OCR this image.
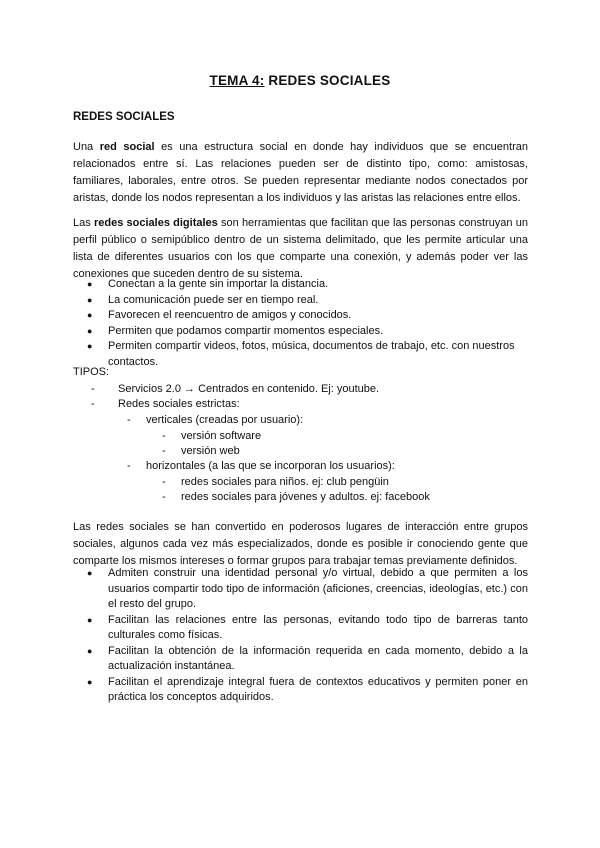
TEMA 4: REDES SOCIALES
REDES SOCIALES

Una red social es una estructura social en donde hay individuos que se encuentran relacionados entre sí. Las relaciones pueden ser de distinto tipo, como: amistosas, familiares, laborales, entre otros. Se pueden representar mediante nodos conectados por aristas, donde los nodos representan a los individuos y las aristas las relaciones entre ellos.

Las redes sociales digitales son herramientas que facilitan que las personas construyan un perfil público o semipúblico dentro de un sistema delimitado, que les permite articular una lista de diferentes usuarios con los que comparte una conexión, y además poder ver las conexiones que suceden dentro de su sistema.

● Conectan a la gente sin importar la distancia.
● La comunicación puede ser en tiempo real.
● Favorecen el reencuentro de amigos y conocidos.
● Permiten que podamos compartir momentos especiales.
● Permiten compartir videos, fotos, música, documentos de trabajo, etc. con nuestros contactos.
TIPOS:
- Servicios 2.0 → Centrados en contenido. Ej: youtube.
- Redes sociales estrictas:
- verticales (creadas por usuario):
- versión software
- versión web
- horizontales (a las que se incorporan los usuarios):
- redes sociales para niños. ej: club pengüin
- redes sociales para jóvenes y adultos. ej: facebook

Las redes sociales se han convertido en poderosos lugares de interacción entre grupos sociales, algunos cada vez más especializados, donde es posible ir conociendo gente que comparte los mismos intereses o formar grupos para trabajar temas previamente definidos.

● Admiten construir una identidad personal y/o virtual, debido a que permiten a los usuarios compartir todo tipo de información (aficiones, creencias, ideologías, etc.) con el resto del grupo.
● Facilitan las relaciones entre las personas, evitando todo tipo de barreras tanto culturales como físicas.
● Facilitan la obtención de la información requerida en cada momento, debido a la actualización instantánea.
● Facilitan el aprendizaje integral fuera de contextos educativos y permiten poner en práctica los conceptos adquiridos.
